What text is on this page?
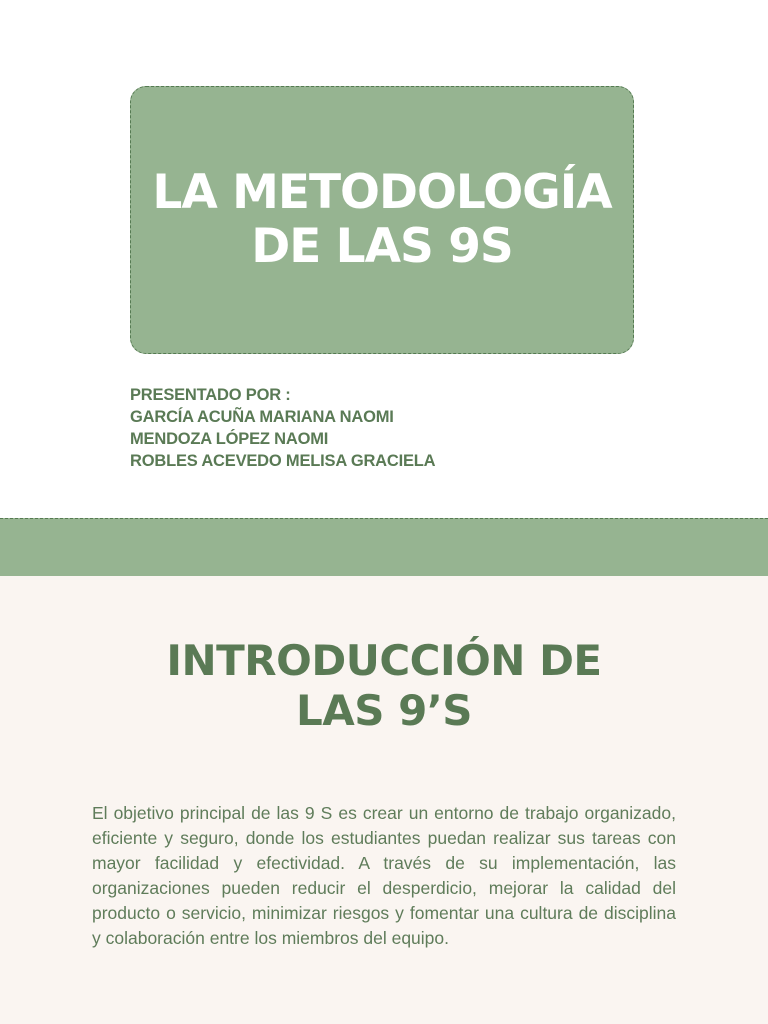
LA METODOLOGÍA
DE LAS 9S
PRESENTADO POR :
GARCÍA ACUÑA MARIANA NAOMI
MENDOZA LÓPEZ NAOMI
ROBLES ACEVEDO MELISA GRACIELA
INTRODUCCIÓN DE
LAS 9’S

El objetivo principal de las 9 S es crear un entorno de trabajo organizado, eficiente y seguro, donde los estudiantes puedan realizar sus tareas con mayor facilidad y efectividad. A través de su implementación, las organizaciones pueden reducir el desperdicio, mejorar la calidad del producto o servicio, minimizar riesgos y fomentar una cultura de disciplina y colaboración entre los miembros del equipo.
